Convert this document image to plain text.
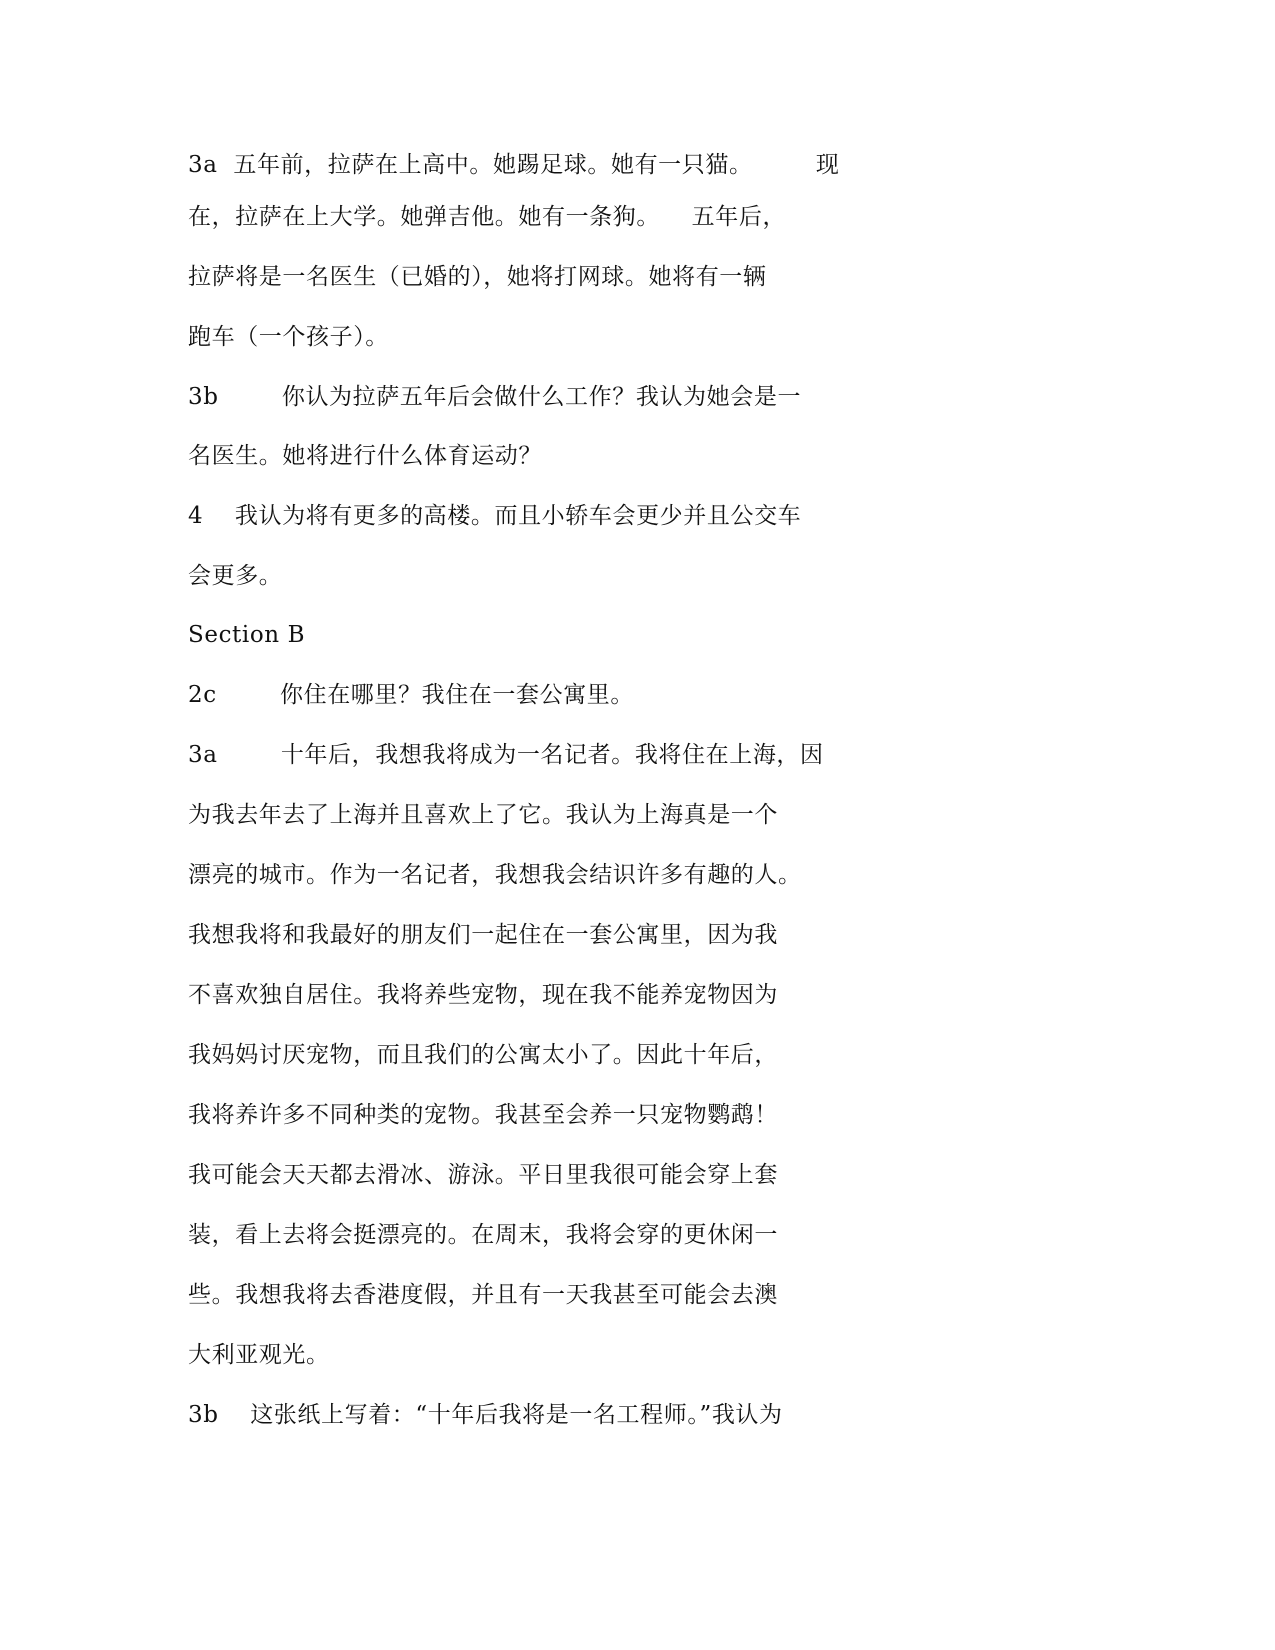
3a  五年前，拉萨在上高中。她踢足球。她有一只猫。        现
在，拉萨在上大学。她弹吉他。她有一条狗。    五年后，
拉萨将是一名医生（已婚的），她将打网球。她将有一辆
跑车（一个孩子）。
3b        你认为拉萨五年后会做什么工作？我认为她会是一
名医生。她将进行什么体育运动？
4    我认为将有更多的高楼。而且小轿车会更少并且公交车
会更多。
Section B
2c        你住在哪里？我住在一套公寓里。
3a        十年后，我想我将成为一名记者。我将住在上海，因
为我去年去了上海并且喜欢上了它。我认为上海真是一个
漂亮的城市。作为一名记者，我想我会结识许多有趣的人。
我想我将和我最好的朋友们一起住在一套公寓里，因为我
不喜欢独自居住。我将养些宠物，现在我不能养宠物因为
我妈妈讨厌宠物，而且我们的公寓太小了。因此十年后，
我将养许多不同种类的宠物。我甚至会养一只宠物鹦鹉！
我可能会天天都去滑冰、游泳。平日里我很可能会穿上套
装，看上去将会挺漂亮的。在周末，我将会穿的更休闲一
些。我想我将去香港度假，并且有一天我甚至可能会去澳
大利亚观光。
3b    这张纸上写着：“十年后我将是一名工程师。”我认为
